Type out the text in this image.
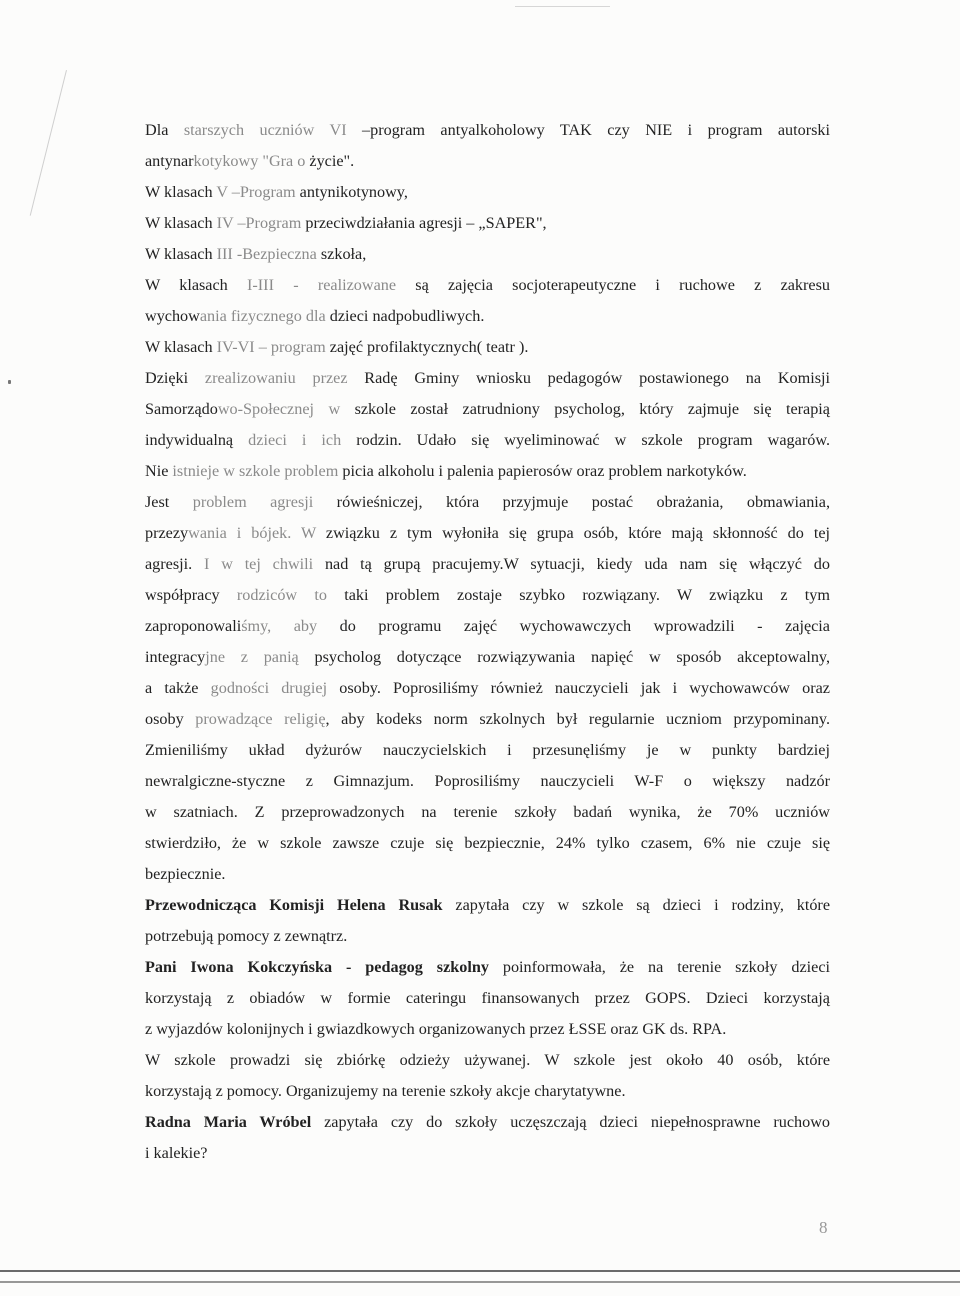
Dla starszych uczniów VI –program antyalkoholowy TAK czy NIE i program autorski
antynarkotykowy "Gra o życie".
W klasach V –Program antynikotynowy,
W klasach IV –Program przeciwdziałania agresji – „SAPER",
W klasach III -Bezpieczna szkoła,
W klasach I-III - realizowane są zajęcia socjoterapeutyczne i ruchowe z zakresu
wychowania fizycznego dla dzieci nadpobudliwych.
W klasach IV-VI – program zajęć profilaktycznych( teatr ).
Dzięki zrealizowaniu przez Radę Gminy wniosku pedagogów postawionego na Komisji
Samorządowo-Społecznej w szkole został zatrudniony psycholog, który zajmuje się terapią
indywidualną dzieci i ich rodzin. Udało się wyeliminować w szkole program wagarów.
Nie istnieje w szkole problem picia alkoholu i palenia papierosów oraz problem narkotyków.
Jest problem agresji rówieśniczej, która przyjmuje postać obrażania, obmawiania,
przezywania i bójek. W związku z tym wyłoniła się grupa osób, które mają skłonność do tej
agresji. I w tej chwili nad tą grupą pracujemy.W sytuacji, kiedy uda nam się włączyć do
współpracy rodziców to taki problem zostaje szybko rozwiązany. W związku z tym
zaproponowaliśmy, aby do programu zajęć wychowawczych wprowadzili - zajęcia
integracyjne z panią psycholog dotyczące rozwiązywania napięć w sposób akceptowalny,
a także godności drugiej osoby. Poprosiliśmy również nauczycieli jak i wychowawców oraz
osoby prowadzące religię, aby kodeks norm szkolnych był regularnie uczniom przypominany.
Zmieniliśmy układ dyżurów nauczycielskich i przesunęliśmy je w punkty bardziej
newralgiczne-styczne z Gimnazjum. Poprosiliśmy nauczycieli W-F o większy nadzór
w szatniach. Z przeprowadzonych na terenie szkoły badań wynika, że 70% uczniów
stwierdziło, że w szkole zawsze czuje się bezpiecznie, 24% tylko czasem, 6% nie czuje się
bezpiecznie.
Przewodnicząca Komisji Helena Rusak zapytała czy w szkole są dzieci i rodziny, które
potrzebują pomocy z zewnątrz.
Pani Iwona Kokczyńska - pedagog szkolny poinformowała, że na terenie szkoły dzieci
korzystają z obiadów w formie cateringu finansowanych przez GOPS. Dzieci korzystają
z wyjazdów kolonijnych i gwiazdkowych organizowanych przez ŁSSE oraz GK ds. RPA.
W szkole prowadzi się zbiórkę odzieży używanej. W szkole jest około 40 osób, które
korzystają z pomocy. Organizujemy na terenie szkoły akcje charytatywne.
Radna Maria Wróbel zapytała czy do szkoły uczęszczają dzieci niepełnosprawne ruchowo
i kalekie?
8
